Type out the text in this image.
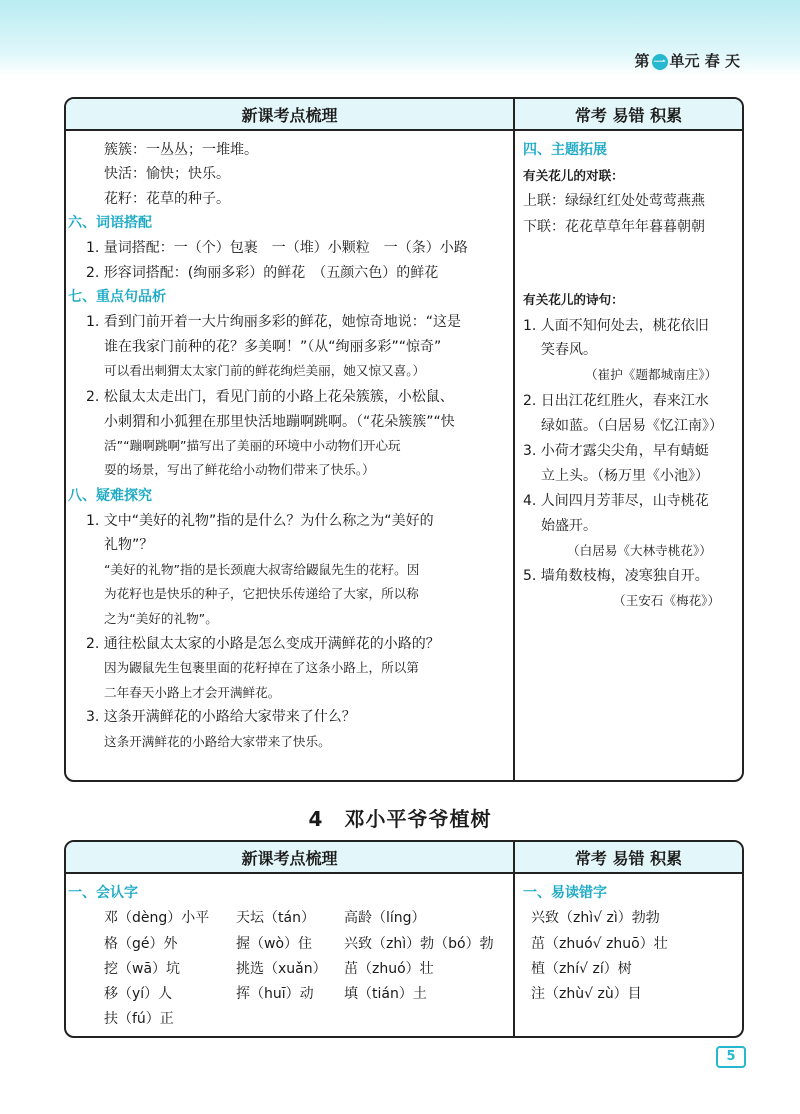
第 一 单元 春 天
新课考点梳理	常考 易错 积累
簇簇：一丛丛；一堆堆。
快活：愉快；快乐。
花籽：花草的种子。
六、词语搭配
1. 量词搭配：一（个）包裹　一（堆）小颗粒　一（条）小路
2. 形容词搭配：(绚丽多彩）的鲜花　（五颜六色）的鲜花
七、重点句品析
1. 看到门前开着一大片绚丽多彩的鲜花，她惊奇地说：“这是
谁在我家门前种的花？多美啊！”（从“绚丽多彩”“惊奇”
可以看出刺猬太太家门前的鲜花绚烂美丽，她又惊又喜。）
2. 松鼠太太走出门，看见门前的小路上花朵簇簇，小松鼠、
小刺猬和小狐狸在那里快活地蹦啊跳啊。（“花朵簇簇”“快
活”“蹦啊跳啊”描写出了美丽的环境中小动物们开心玩
耍的场景，写出了鲜花给小动物们带来了快乐。）
八、疑难探究
1. 文中“美好的礼物”指的是什么？为什么称之为“美好的
礼物”？
“美好的礼物”指的是长颈鹿大叔寄给鼹鼠先生的花籽。因
为花籽也是快乐的种子，它把快乐传递给了大家，所以称
之为“美好的礼物”。
2. 通往松鼠太太家的小路是怎么变成开满鲜花的小路的？
因为鼹鼠先生包裹里面的花籽掉在了这条小路上，所以第
二年春天小路上才会开满鲜花。
3. 这条开满鲜花的小路给大家带来了什么？
这条开满鲜花的小路给大家带来了快乐。
四、主题拓展
有关花儿的对联：
上联：绿绿红红处处莺莺燕燕
下联：花花草草年年暮暮朝朝
有关花儿的诗句：
1. 人面不知何处去，桃花依旧
笑春风。
（崔护《题都城南庄》）
2. 日出江花红胜火，春来江水
绿如蓝。（白居易《忆江南》）
3. 小荷才露尖尖角，早有蜻蜓
立上头。（杨万里《小池》）
4. 人间四月芳菲尽，山寺桃花
始盛开。
（白居易《大林寺桃花》）
5. 墙角数枝梅，凌寒独自开。
（王安石《梅花》）
4　邓小平爷爷植树
新课考点梳理	常考 易错 积累
一、会认字
邓（dèng）小平 天坛（tán） 高龄（líng）
格（gé）外	握（wò）住 兴致（zhì）勃（bó）勃
挖（wā）坑	挑选（xuǎn） 茁（zhuó）壮
移（yí）人	挥（huī）动 填（tián）土
扶（fú）正
一、易读错字
兴致（zhì√ zì）勃勃
茁（zhuó√ zhuō）壮
植（zhí√ zí）树
注（zhù√ zù）目
5
